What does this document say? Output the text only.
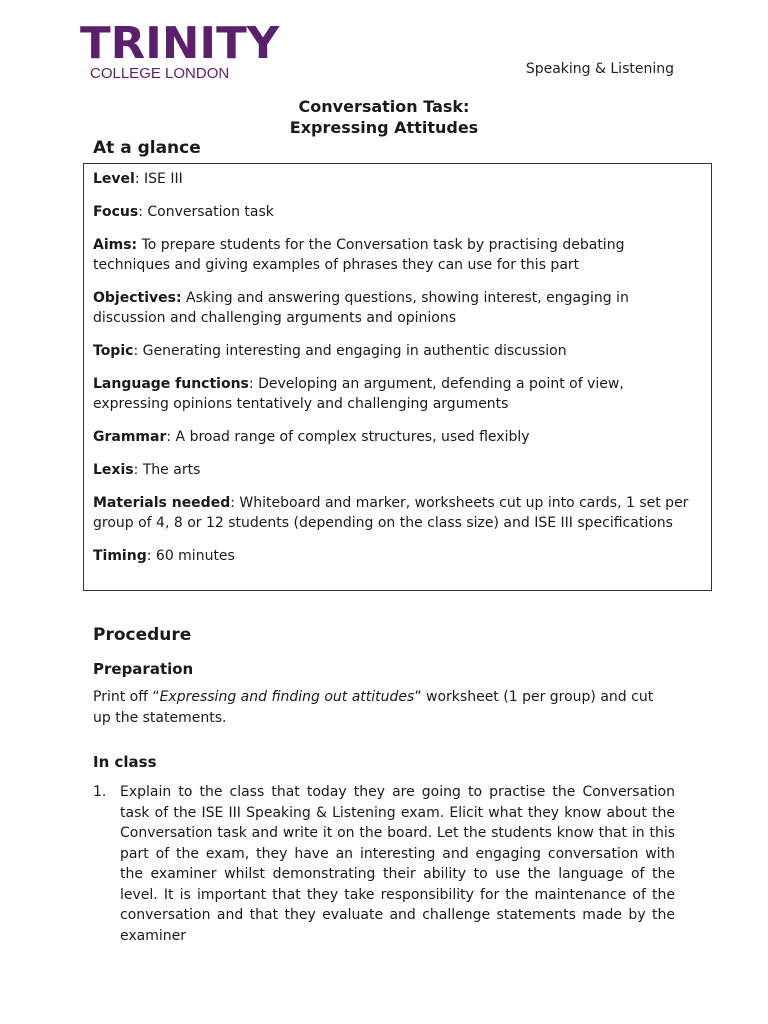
TRINITY
COLLEGE LONDON	Speaking & Listening
Conversation Task:
Expressing Attitudes
At a glance
Level: ISE III
Focus: Conversation task
Aims: To prepare students for the Conversation task by practising debating techniques and giving examples of phrases they can use for this part
Objectives: Asking and answering questions, showing interest, engaging in discussion and challenging arguments and opinions
Topic: Generating interesting and engaging in authentic discussion
Language functions: Developing an argument, defending a point of view, expressing opinions tentatively and challenging arguments
Grammar: A broad range of complex structures, used flexibly
Lexis: The arts
Materials needed: Whiteboard and marker, worksheets cut up into cards, 1 set per group of 4, 8 or 12 students (depending on the class size) and ISE III specifications
Timing: 60 minutes
Procedure
Preparation
Print off “Expressing and finding out attitudes” worksheet (1 per group) and cut up the statements.
In class
1. Explain to the class that today they are going to practise the Conversation task of the ISE III Speaking & Listening exam. Elicit what they know about the Conversation task and write it on the board. Let the students know that in this part of the exam, they have an interesting and engaging conversation with the examiner whilst demonstrating their ability to use the language of the level. It is important that they take responsibility for the maintenance of the conversation and that they evaluate and challenge statements made by the examiner
